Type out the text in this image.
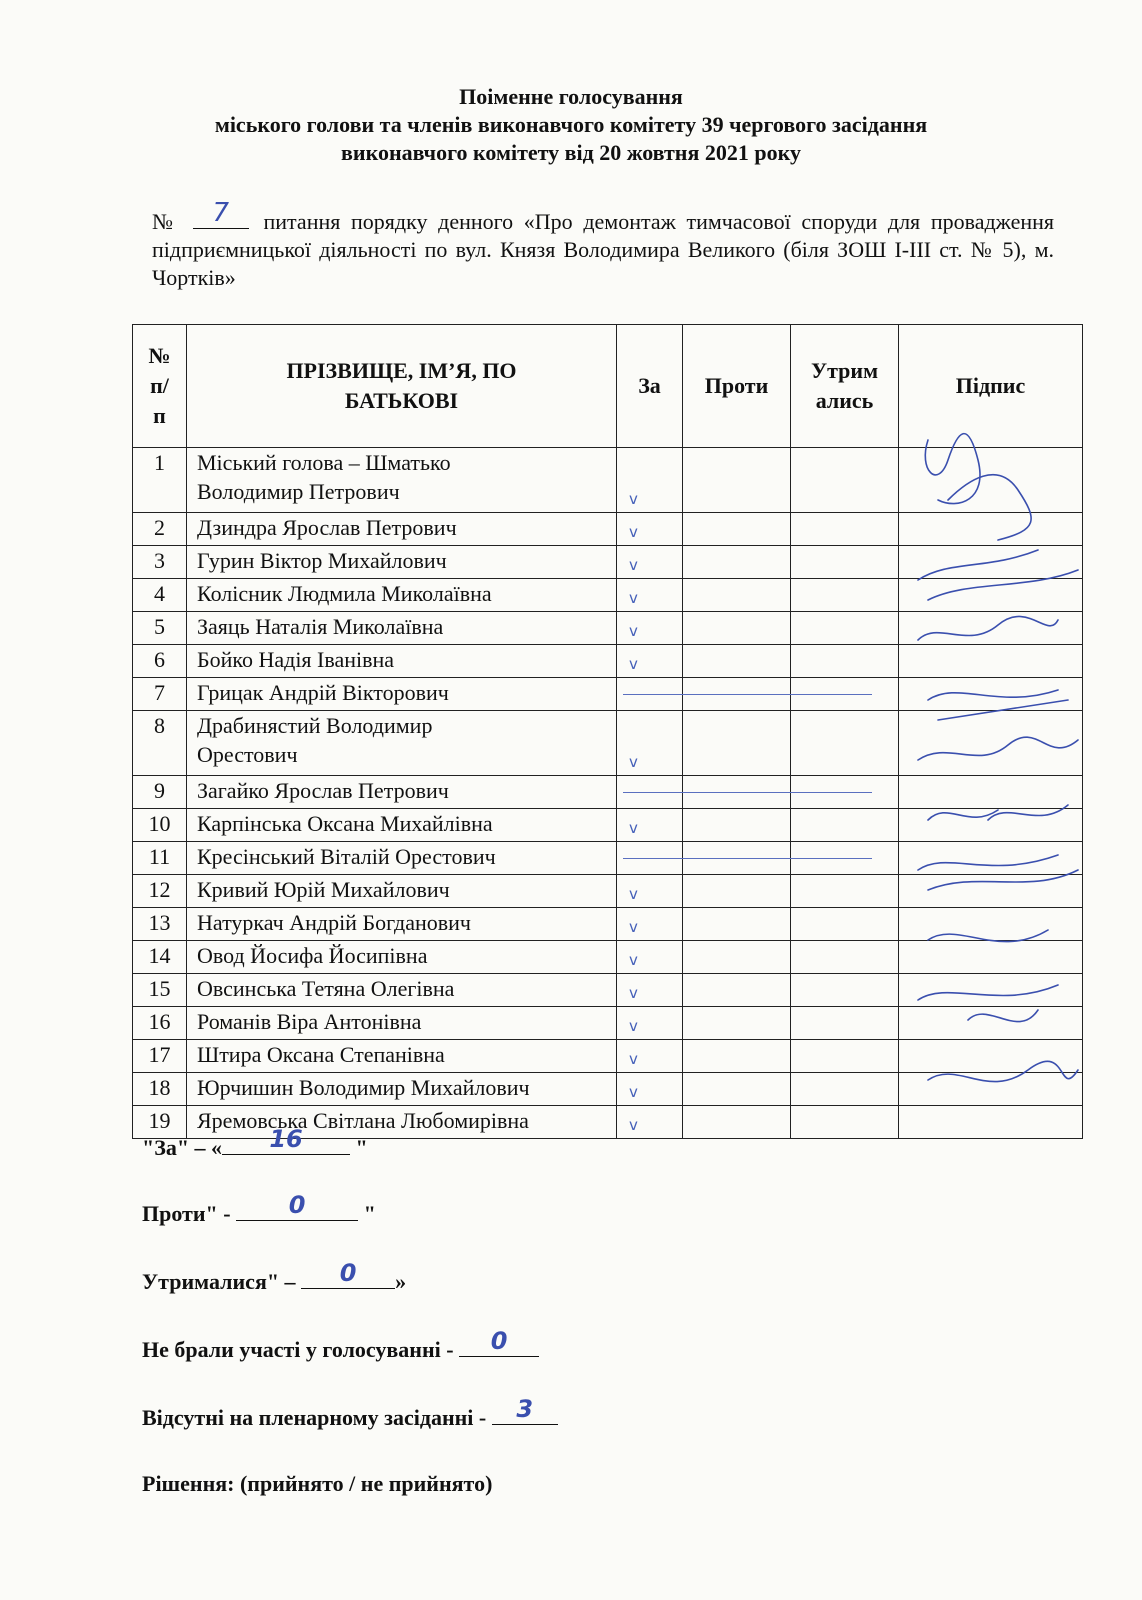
Поіменне голосування
міського голови та членів виконавчого комітету 39 чергового засідання
виконавчого комітету від 20 жовтня 2021 року
№	7	питання порядку денного «Про демонтаж тимчасової споруди для провадження підприємницької діяльності по вул. Князя Володимира Великого (біля ЗОШ І-ІІІ ст. № 5), м. Чортків»
№ п/ п	ПРІЗВИЩЕ, ІМ’Я, ПО БАТЬКОВІ	За	Проти	Утрим ались	Підпис
1	Міський голова – Шматько Володимир Петрович	v			

2	Дзиндра Ярослав Петрович	v			

3	Гурин Віктор Михайлович	v			

4	Колісник Людмила Миколаївна	v			

5	Заяць Наталія Миколаївна	v			

6	Бойко Надія Іванівна	v			

7	Грицак Андрій Вікторович	

8	Драбинястий Володимир Орестович	v			

9	Загайко Ярослав Петрович	

10	Карпінська Оксана Михайлівна	v			

11	Кресінський Віталій Орестович	

12	Кривий Юрій Михайлович	v			

13	Натуркач Андрій Богданович	v			

14	Овод Йосифа Йосипівна	v			

15	Овсинська Тетяна Олегівна	v			

16	Романів Віра Антонівна	v			

17	Штира Оксана Степанівна	v			

18	Юрчишин Володимир Михайлович	v			

19	Яремовська Світлана Любомирівна	v			

"За" – «	16	"
Проти" -	0	"
Утрималися" –	0	»
Не брали участі у голосуванні -	0
Відсутні на пленарному засіданні -	3
Рішення: (прийнято / не прийнято)
